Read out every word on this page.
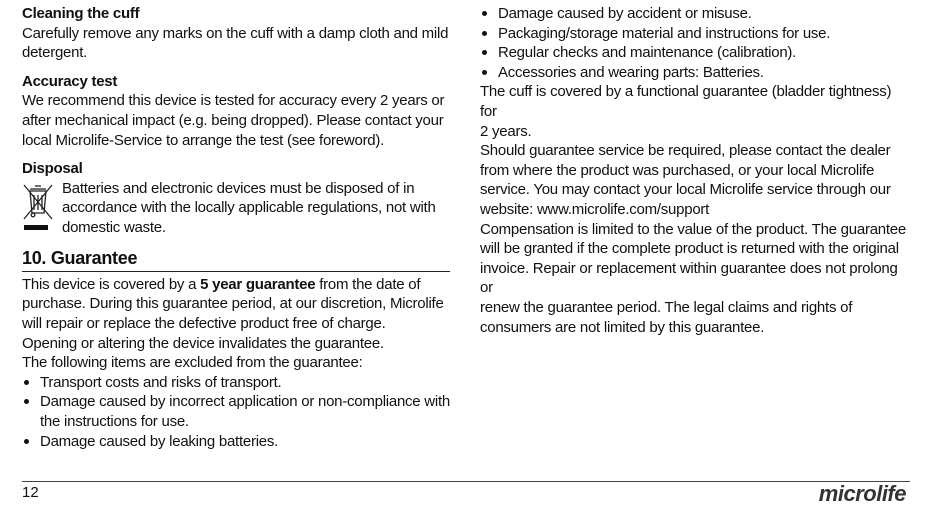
Cleaning the cuff

Carefully remove any marks on the cuff with a damp cloth and mild

detergent.

Accuracy test

We recommend this device is tested for accuracy every 2 years or

after mechanical impact (e.g. being dropped). Please contact your

local Microlife-Service to arrange the test (see foreword).

Disposal

Batteries and electronic devices must be disposed of in

accordance with the locally applicable regulations, not with

domestic waste.

10. Guarantee

This device is covered by a 5 year guarantee from the date of

purchase. During this guarantee period, at our discretion, Microlife

will repair or replace the defective product free of charge.

Opening or altering the device invalidates the guarantee.

The following items are excluded from the guarantee:

Transport costs and risks of transport.
Damage caused by incorrect application or non-compliance with
the instructions for use.
Damage caused by leaking batteries.
Damage caused by accident or misuse.
Packaging/storage material and instructions for use.
Regular checks and maintenance (calibration).
Accessories and wearing parts: Batteries.

The cuff is covered by a functional guarantee (bladder tightness) for

2 years.

Should guarantee service be required, please contact the dealer

from where the product was purchased, or your local Microlife

service. You may contact your local Microlife service through our

website: www.microlife.com/support

Compensation is limited to the value of the product. The guarantee

will be granted if the complete product is returned with the original

invoice. Repair or replacement within guarantee does not prolong or

renew the guarantee period. The legal claims and rights of

consumers are not limited by this guarantee.

12	microlife
